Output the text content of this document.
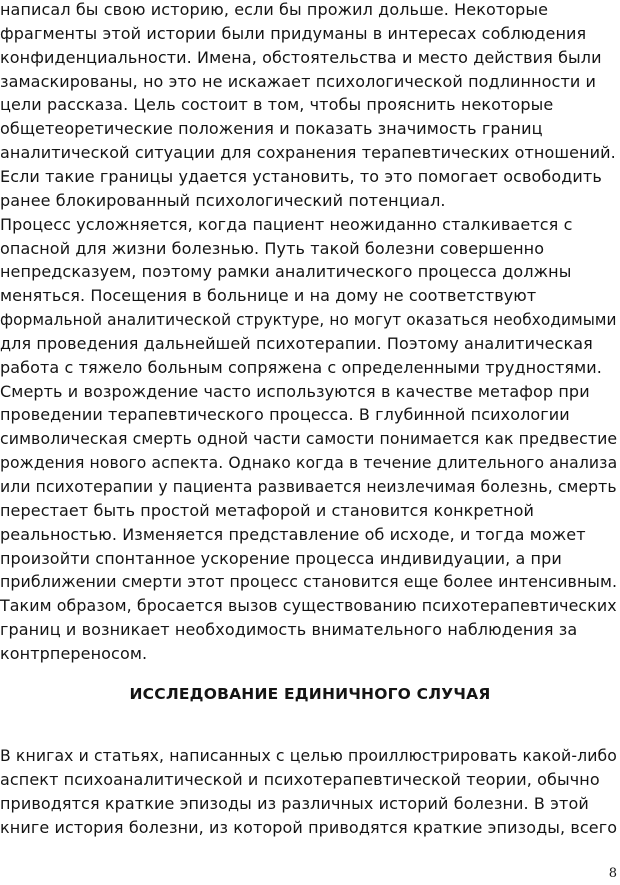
написал бы свою историю, если бы прожил дольше. Некоторые
фрагменты этой истории были придуманы в интересах соблюдения
конфиденциальности. Имена, обстоятельства и место действия были
замаскированы, но это не искажает психологической подлинности и
цели рассказа. Цель состоит в том, чтобы прояснить некоторые
общетеоретические положения и показать значимость границ
аналитической ситуации для сохранения терапевтических отношений.
Если такие границы удается установить, то это помогает освободить
ранее блокированный психологический потенциал.
Процесс усложняется, когда пациент неожиданно сталкивается с
опасной для жизни болезнью. Путь такой болезни совершенно
непредсказуем, поэтому рамки аналитического процесса должны
меняться. Посещения в больнице и на дому не соответствуют
формальной аналитической структуре, но могут оказаться необходимыми
для проведения дальнейшей психотерапии. Поэтому аналитическая
работа с тяжело больным сопряжена с определенными трудностями.
Смерть и возрождение часто используются в качестве метафор при
проведении терапевтического процесса. В глубинной психологии
символическая смерть одной части самости понимается как предвестие
рождения нового аспекта. Однако когда в течение длительного анализа
или психотерапии у пациента развивается неизлечимая болезнь, смерть
перестает быть простой метафорой и становится конкретной
реальностью. Изменяется представление об исходе, и тогда может
произойти спонтанное ускорение процесса индивидуации, а при
приближении смерти этот процесс становится еще более интенсивным.
Таким образом, бросается вызов существованию психотерапевтических
границ и возникает необходимость внимательного наблюдения за
контрпереносом.
ИССЛЕДОВАНИЕ ЕДИНИЧНОГО СЛУЧАЯ
В книгах и статьях, написанных с целью проиллюстрировать какой-либо
аспект психоаналитической и психотерапевтической теории, обычно
приводятся краткие эпизоды из различных историй болезни. В этой
книге история болезни, из которой приводятся краткие эпизоды, всего
8
